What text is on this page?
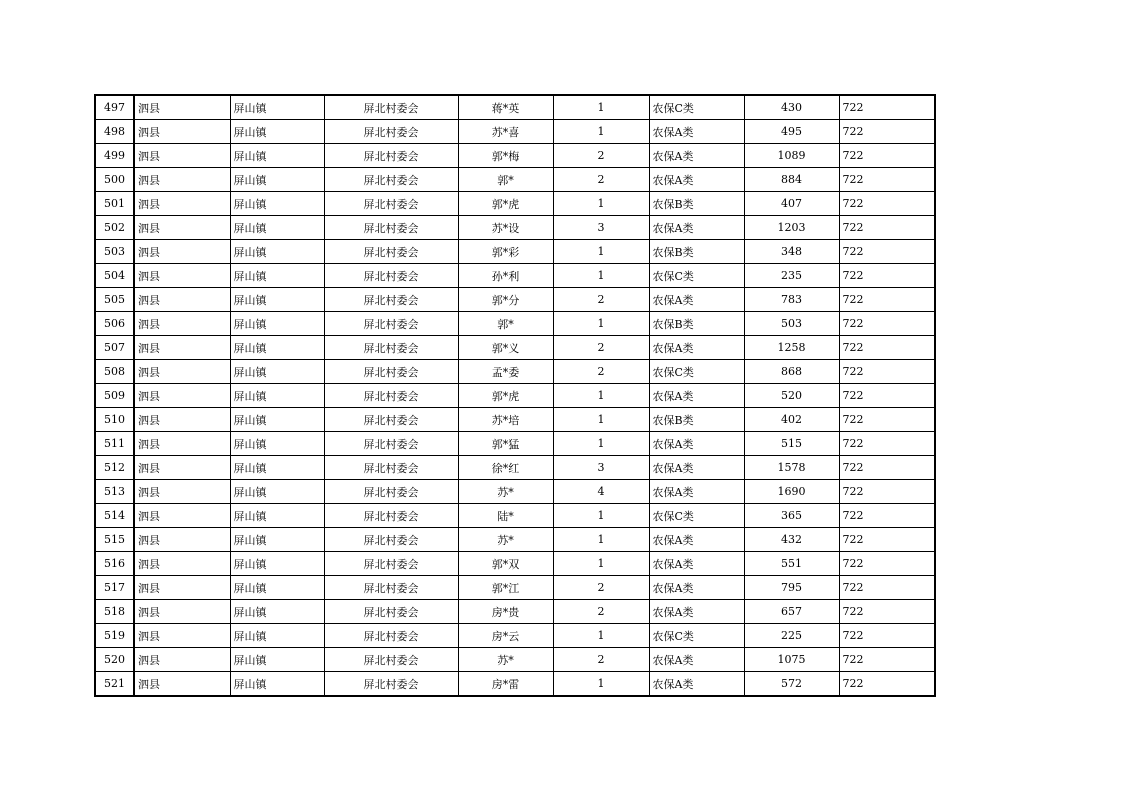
497	泗县	屏山镇	屏北村委会	蒋*英	1	农保C类	430	722
498	泗县	屏山镇	屏北村委会	苏*喜	1	农保A类	495	722
499	泗县	屏山镇	屏北村委会	郭*梅	2	农保A类	1089	722
500	泗县	屏山镇	屏北村委会	郭*	2	农保A类	884	722
501	泗县	屏山镇	屏北村委会	郭*虎	1	农保B类	407	722
502	泗县	屏山镇	屏北村委会	苏*设	3	农保A类	1203	722
503	泗县	屏山镇	屏北村委会	郭*彩	1	农保B类	348	722
504	泗县	屏山镇	屏北村委会	孙*利	1	农保C类	235	722
505	泗县	屏山镇	屏北村委会	郭*分	2	农保A类	783	722
506	泗县	屏山镇	屏北村委会	郭*	1	农保B类	503	722
507	泗县	屏山镇	屏北村委会	郭*义	2	农保A类	1258	722
508	泗县	屏山镇	屏北村委会	孟*委	2	农保C类	868	722
509	泗县	屏山镇	屏北村委会	郭*虎	1	农保A类	520	722
510	泗县	屏山镇	屏北村委会	苏*培	1	农保B类	402	722
511	泗县	屏山镇	屏北村委会	郭*猛	1	农保A类	515	722
512	泗县	屏山镇	屏北村委会	徐*红	3	农保A类	1578	722
513	泗县	屏山镇	屏北村委会	苏*	4	农保A类	1690	722
514	泗县	屏山镇	屏北村委会	陆*	1	农保C类	365	722
515	泗县	屏山镇	屏北村委会	苏*	1	农保A类	432	722
516	泗县	屏山镇	屏北村委会	郭*双	1	农保A类	551	722
517	泗县	屏山镇	屏北村委会	郭*江	2	农保A类	795	722
518	泗县	屏山镇	屏北村委会	房*贵	2	农保A类	657	722
519	泗县	屏山镇	屏北村委会	房*云	1	农保C类	225	722
520	泗县	屏山镇	屏北村委会	苏*	2	农保A类	1075	722
521	泗县	屏山镇	屏北村委会	房*雷	1	农保A类	572	722
